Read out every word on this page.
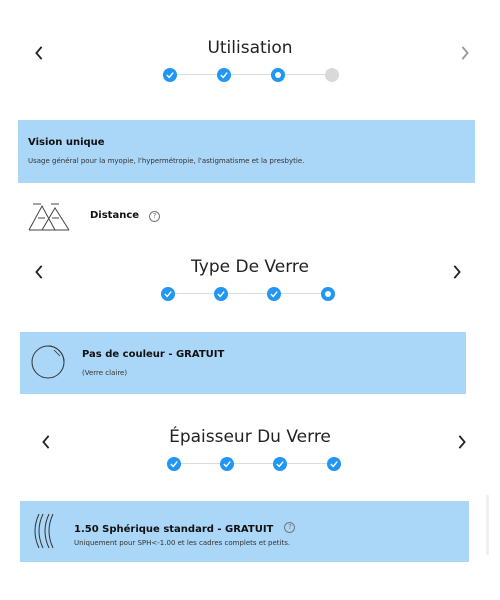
Utilisation
Vision unique
Usage général pour la myopie, l'hypermétropie, l'astigmatisme et la presbytie.
Distance	?
Type De Verre
Pas de couleur - GRATUIT
(Verre claire)
Épaisseur Du Verre
1.50 Sphérique standard - GRATUIT ?
Uniquement pour SPH<-1.00 et les cadres complets et petits.
